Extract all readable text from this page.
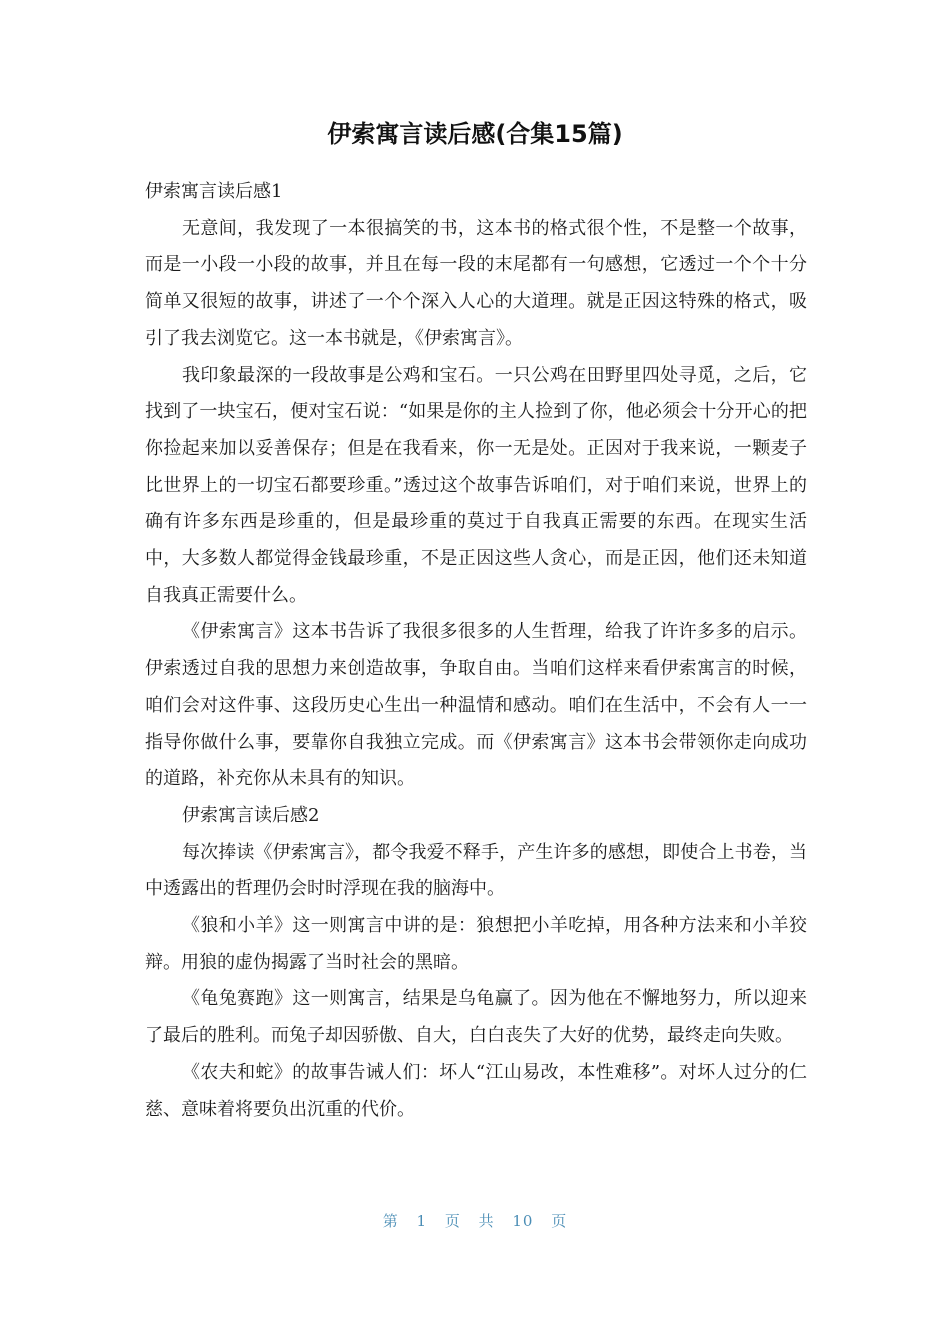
伊索寓言读后感(合集15篇)

伊索寓言读后感1

无意间，我发现了一本很搞笑的书，这本书的格式很个性，不是整一个故事，而是一小段一小段的故事，并且在每一段的末尾都有一句感想，它透过一个个十分简单又很短的故事，讲述了一个个深入人心的大道理。就是正因这特殊的格式，吸引了我去浏览它。这一本书就是，《伊索寓言》。

我印象最深的一段故事是公鸡和宝石。一只公鸡在田野里四处寻觅，之后，它找到了一块宝石，便对宝石说：“如果是你的主人捡到了你，他必须会十分开心的把你捡起来加以妥善保存；但是在我看来，你一无是处。正因对于我来说，一颗麦子比世界上的一切宝石都要珍重。”透过这个故事告诉咱们，对于咱们来说，世界上的确有许多东西是珍重的，但是最珍重的莫过于自我真正需要的东西。在现实生活中，大多数人都觉得金钱最珍重，不是正因这些人贪心，而是正因，他们还未知道自我真正需要什么。

《伊索寓言》这本书告诉了我很多很多的人生哲理，给我了许许多多的启示。伊索透过自我的思想力来创造故事，争取自由。当咱们这样来看伊索寓言的时候，咱们会对这件事、这段历史心生出一种温情和感动。咱们在生活中，不会有人一一指导你做什么事，要靠你自我独立完成。而《伊索寓言》这本书会带领你走向成功的道路，补充你从未具有的知识。

伊索寓言读后感2

每次捧读《伊索寓言》，都令我爱不释手，产生许多的感想，即使合上书卷，当中透露出的哲理仍会时时浮现在我的脑海中。

《狼和小羊》这一则寓言中讲的是：狼想把小羊吃掉，用各种方法来和小羊狡辩。用狼的虚伪揭露了当时社会的黑暗。

《龟兔赛跑》这一则寓言，结果是乌龟赢了。因为他在不懈地努力，所以迎来了最后的胜利。而兔子却因骄傲、自大，白白丧失了大好的优势，最终走向失败。

《农夫和蛇》的故事告诫人们：坏人“江山易改，本性难移”。对坏人过分的仁慈、意味着将要负出沉重的代价。

第 1 页 共 10 页
